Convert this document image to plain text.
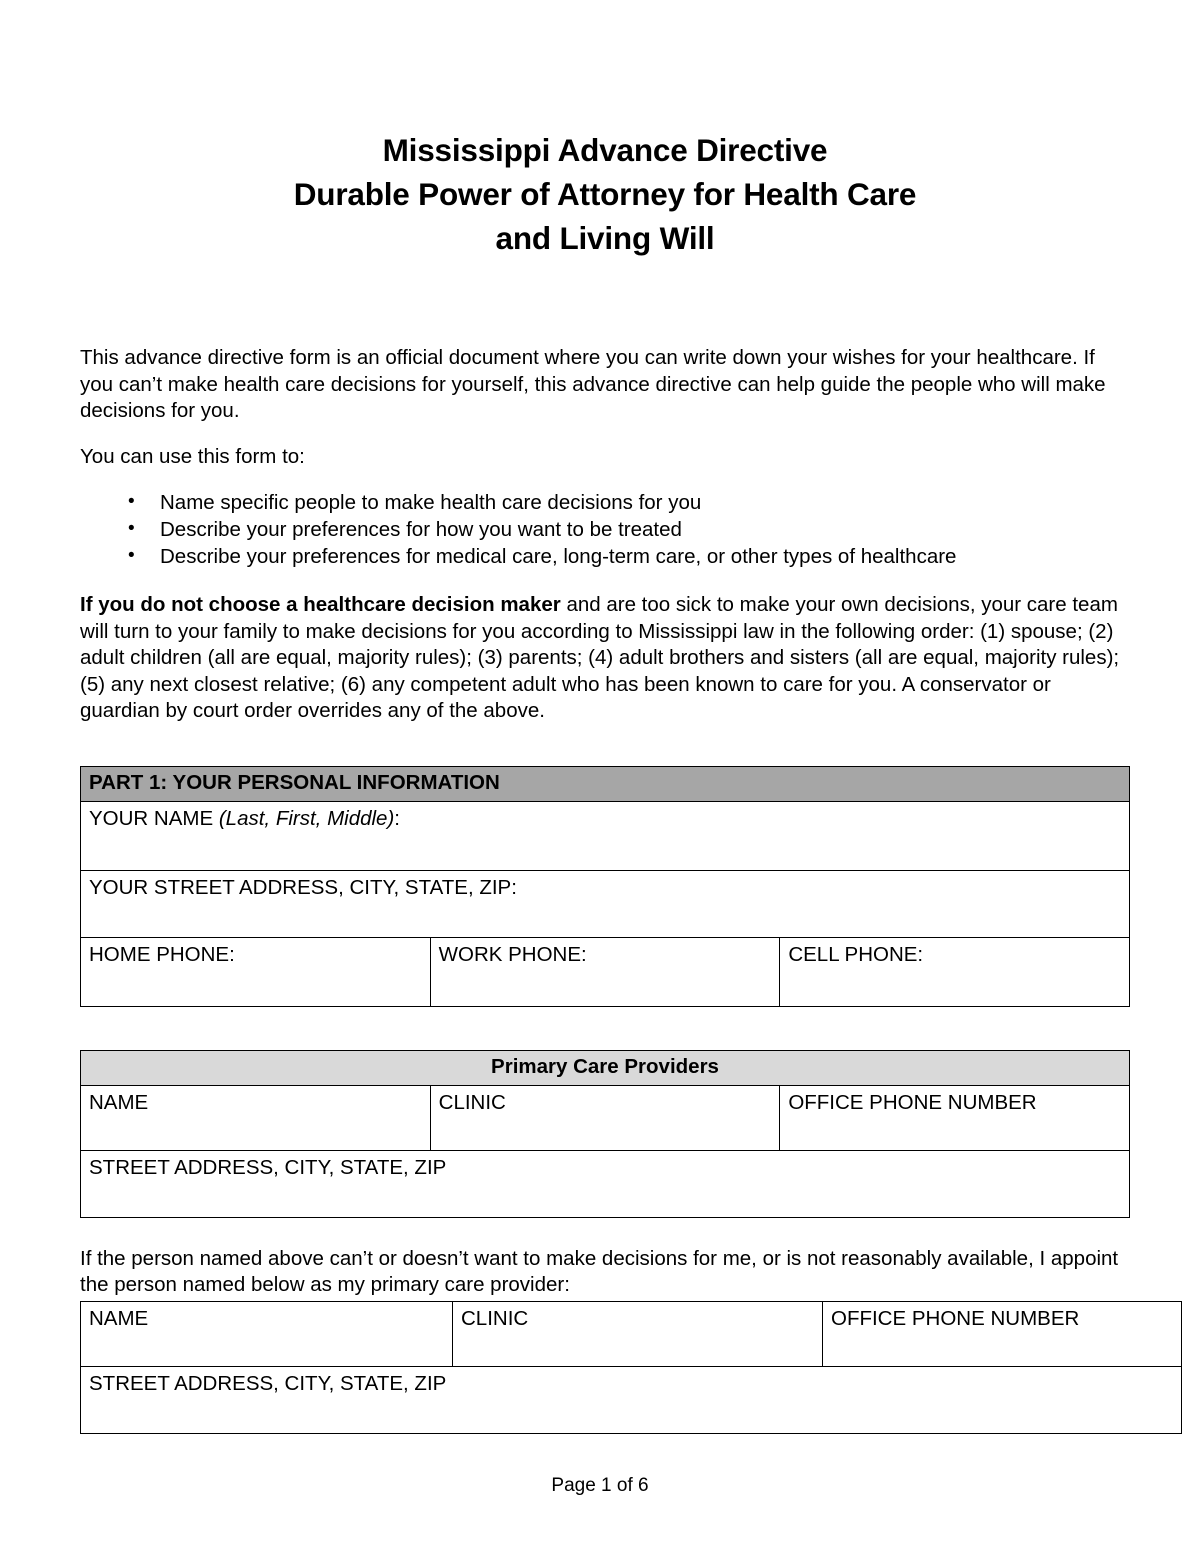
Mississippi Advance Directive
Durable Power of Attorney for Health Care
and Living Will

This advance directive form is an official document where you can write down your wishes for your healthcare. If you can’t make health care decisions for yourself, this advance directive can help guide the people who will make decisions for you.

You can use this form to:

• Name specific people to make health care decisions for you
• Describe your preferences for how you want to be treated
• Describe your preferences for medical care, long-term care, or other types of healthcare

If you do not choose a healthcare decision maker and are too sick to make your own decisions, your care team will turn to your family to make decisions for you according to Mississippi law in the following order: (1) spouse; (2) adult children (all are equal, majority rules); (3) parents; (4) adult brothers and sisters (all are equal, majority rules); (5) any next closest relative; (6) any competent adult who has been known to care for you. A conservator or guardian by court order overrides any of the above.

PART 1: YOUR PERSONAL INFORMATION
YOUR NAME (Last, First, Middle):
YOUR STREET ADDRESS, CITY, STATE, ZIP:
HOME PHONE:	WORK PHONE:	CELL PHONE:
Primary Care Providers
NAME	CLINIC	OFFICE PHONE NUMBER
STREET ADDRESS, CITY, STATE, ZIP

If the person named above can’t or doesn’t want to make decisions for me, or is not reasonably available, I appoint the person named below as my primary care provider:

NAME	CLINIC	OFFICE PHONE NUMBER
STREET ADDRESS, CITY, STATE, ZIP
Page 1 of 6
